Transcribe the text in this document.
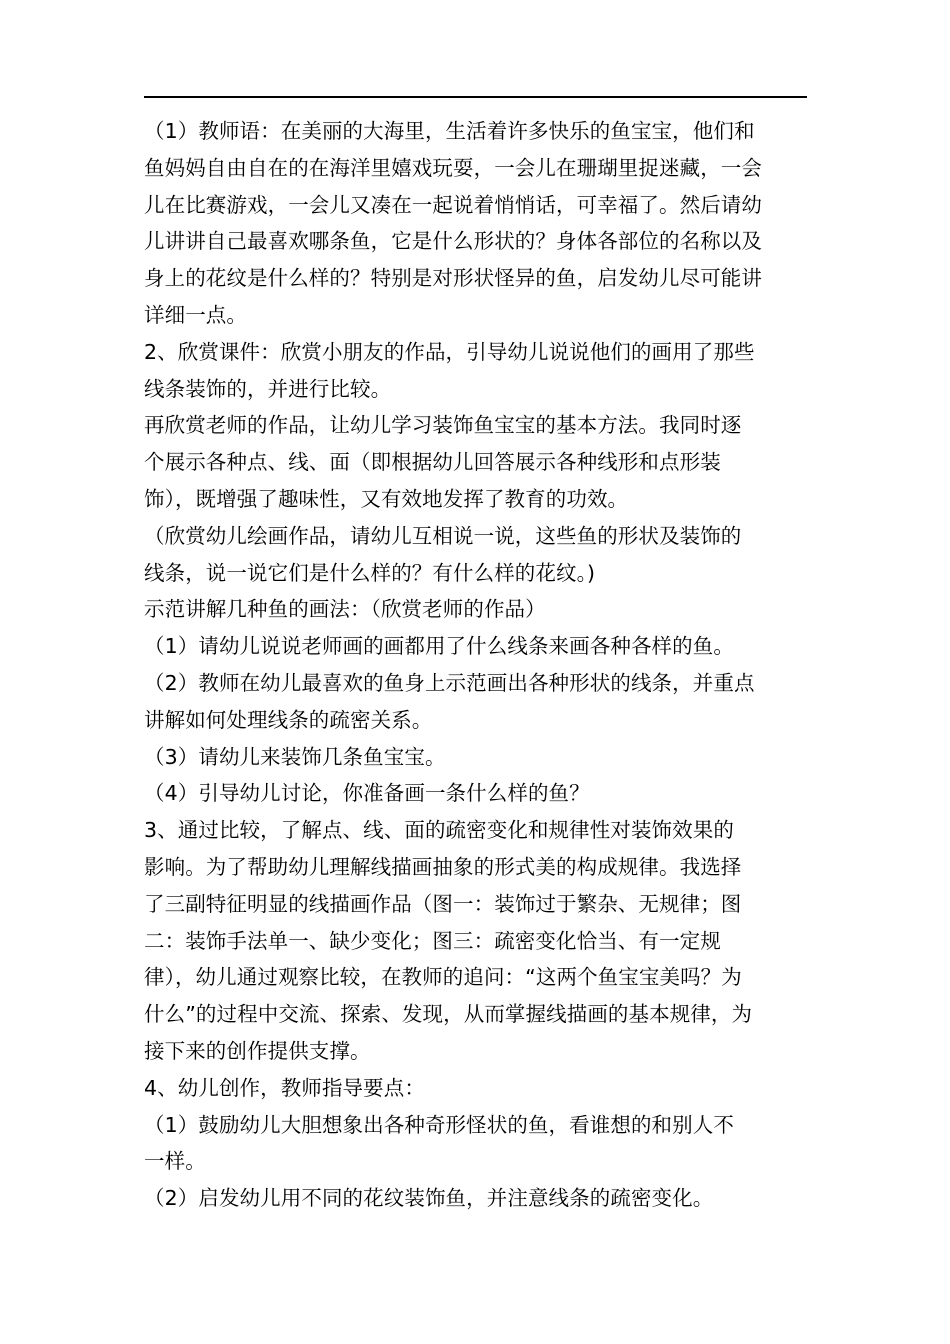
（1）教师语：在美丽的大海里，生活着许多快乐的鱼宝宝，他们和
鱼妈妈自由自在的在海洋里嬉戏玩耍，一会儿在珊瑚里捉迷藏，一会
儿在比赛游戏，一会儿又凑在一起说着悄悄话，可幸福了。然后请幼
儿讲讲自己最喜欢哪条鱼，它是什么形状的？身体各部位的名称以及
身上的花纹是什么样的？特别是对形状怪异的鱼，启发幼儿尽可能讲
详细一点。
2、欣赏课件：欣赏小朋友的作品，引导幼儿说说他们的画用了那些
线条装饰的，并进行比较。
再欣赏老师的作品，让幼儿学习装饰鱼宝宝的基本方法。我同时逐
个展示各种点、线、面（即根据幼儿回答展示各种线形和点形装
饰），既增强了趣味性，又有效地发挥了教育的功效。
（欣赏幼儿绘画作品，请幼儿互相说一说，这些鱼的形状及装饰的
线条，说一说它们是什么样的？有什么样的花纹。)
示范讲解几种鱼的画法：（欣赏老师的作品）
（1）请幼儿说说老师画的画都用了什么线条来画各种各样的鱼。
（2）教师在幼儿最喜欢的鱼身上示范画出各种形状的线条，并重点
讲解如何处理线条的疏密关系。
（3）请幼儿来装饰几条鱼宝宝。
（4）引导幼儿讨论，你准备画一条什么样的鱼？
3、通过比较，了解点、线、面的疏密变化和规律性对装饰效果的
影响。为了帮助幼儿理解线描画抽象的形式美的构成规律。我选择
了三副特征明显的线描画作品（图一：装饰过于繁杂、无规律；图
二：装饰手法单一、缺少变化；图三：疏密变化恰当、有一定规
律），幼儿通过观察比较，在教师的追问：“这两个鱼宝宝美吗？为
什么”的过程中交流、探索、发现，从而掌握线描画的基本规律，为
接下来的创作提供支撑。
4、幼儿创作，教师指导要点：
（1）鼓励幼儿大胆想象出各种奇形怪状的鱼，看谁想的和别人不
一样。
（2）启发幼儿用不同的花纹装饰鱼，并注意线条的疏密变化。
